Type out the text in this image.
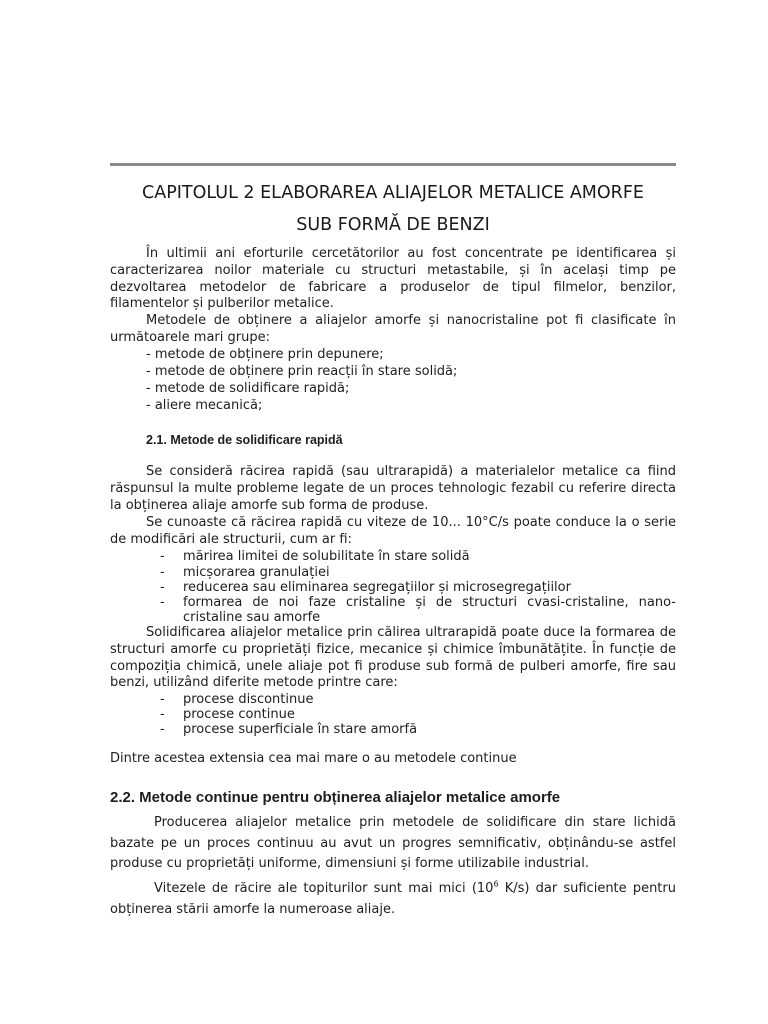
CAPITOLUL 2 ELABORAREA ALIAJELOR METALICE AMORFE
SUB FORMĂ DE BENZI
În ultimii ani eforturile cercetătorilor au fost concentrate pe identificarea și caracterizarea noilor materiale cu structuri metastabile, și în același timp pe dezvoltarea metodelor de fabricare a produselor de tipul filmelor, benzilor, filamentelor și pulberilor metalice.
Metodele de obținere a aliajelor amorfe și nanocristaline pot fi clasificate în următoarele mari grupe:
- metode de obținere prin depunere;
- metode de obținere prin reacții în stare solidă;
- metode de solidificare rapidă;
- aliere mecanică;
2.1. Metode de solidificare rapidă
Se consideră răcirea rapidă (sau ultrarapidă) a materialelor metalice ca fiind răspunsul la multe probleme legate de un proces tehnologic fezabil cu referire directa la obținerea aliaje amorfe sub forma de produse.
Se cunoaste că răcirea rapidă cu viteze de 10... 10°C/s poate conduce la o serie de modificări ale structurii, cum ar fi:
- mărirea limitei de solubilitate în stare solidă
- micșorarea granulației
- reducerea sau eliminarea segregațiilor și microsegregațiilor
- formarea de noi faze cristaline și de structuri cvasi-cristaline, nano-cristaline sau amorfe
Solidificarea aliajelor metalice prin călirea ultrarapidă poate duce la formarea de structuri amorfe cu proprietăți fizice, mecanice și chimice îmbunătățite. În funcție de compoziția chimică, unele aliaje pot fi produse sub formă de pulberi amorfe, fire sau benzi, utilizând diferite metode printre care:
- procese discontinue
- procese continue
- procese superficiale în stare amorfă
Dintre acestea extensia cea mai mare o au metodele continue
2.2. Metode continue pentru obținerea aliajelor metalice amorfe
Producerea aliajelor metalice prin metodele de solidificare din stare lichidă bazate pe un proces continuu au avut un progres semnificativ, obținându-se astfel produse cu proprietăți uniforme, dimensiuni și forme utilizabile industrial.
Vitezele de răcire ale topiturilor sunt mai mici ($10^6$ K/s) dar suficiente pentru obținerea stării amorfe la numeroase aliaje.
